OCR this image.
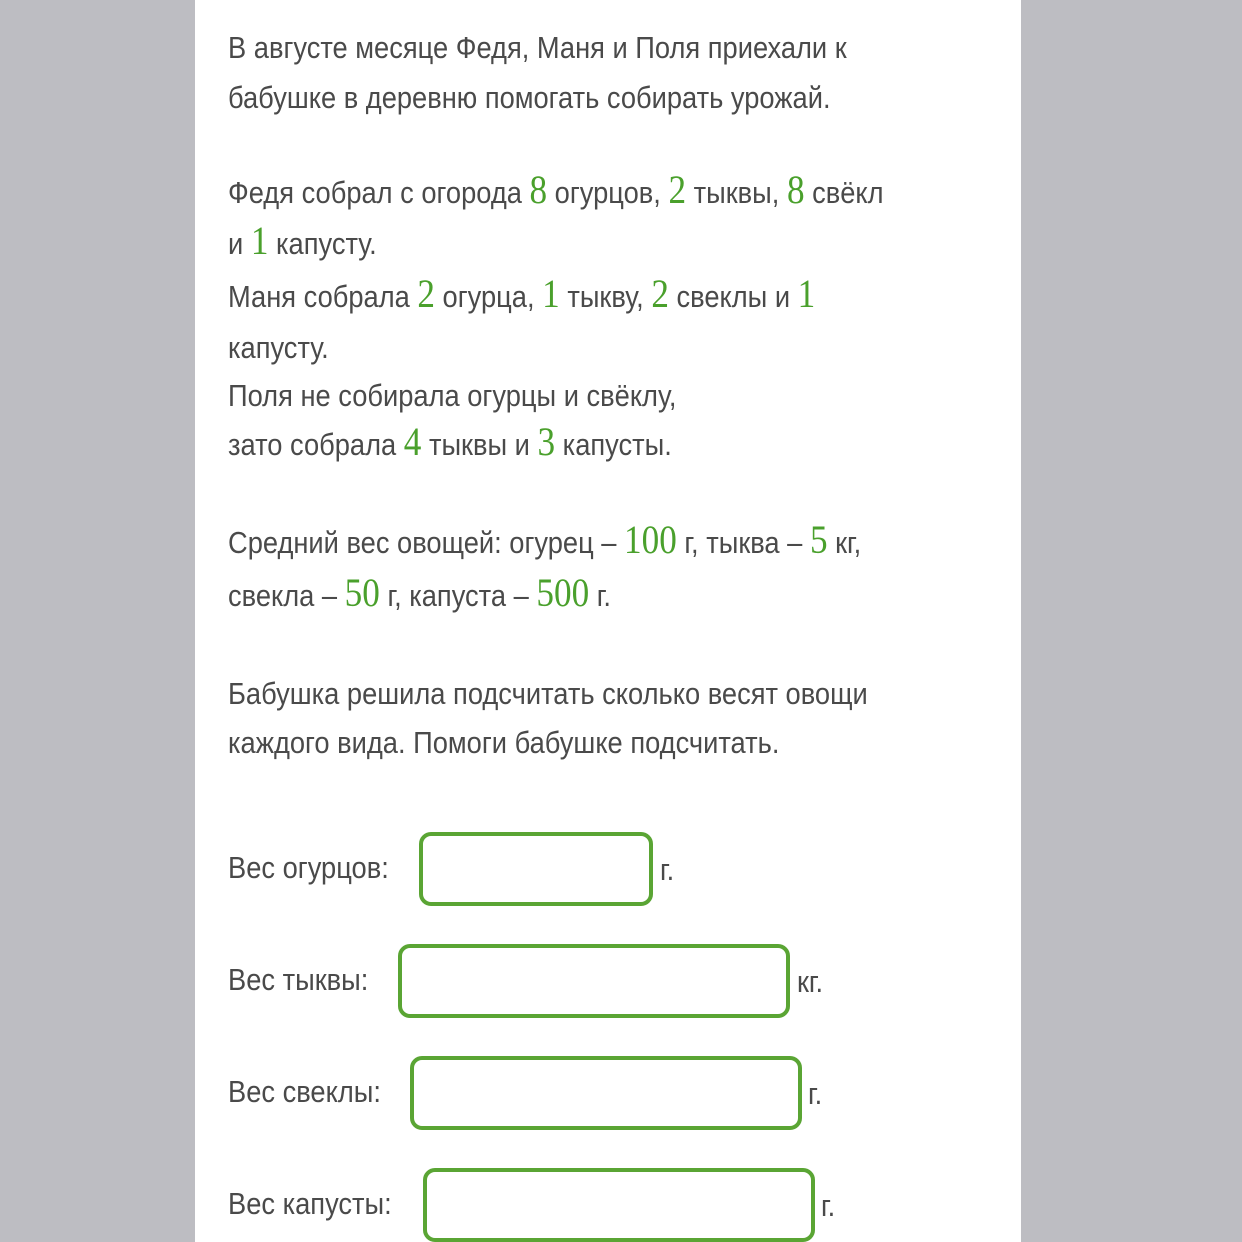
В августе месяце Федя, Маня и Поля приехали к
бабушке в деревню помогать собирать урожай.
Федя собрал с огорода 8 огурцов, 2 тыквы, 8 свёкл
и 1 капусту.
Маня собрала 2 огурца, 1 тыкву, 2 свеклы и 1
капусту.
Поля не собирала огурцы и свёклу,
зато собрала 4 тыквы и 3 капусты.
Средний вес овощей: огурец – 100 г, тыква – 5 кг,
свекла – 50 г, капуста – 500 г.
Бабушка решила подсчитать сколько весят овощи
каждого вида. Помоги бабушке подсчитать.
Вес огурцов:	г.
Вес тыквы:	кг.
Вес свеклы:	г.
Вес капусты:	г.
